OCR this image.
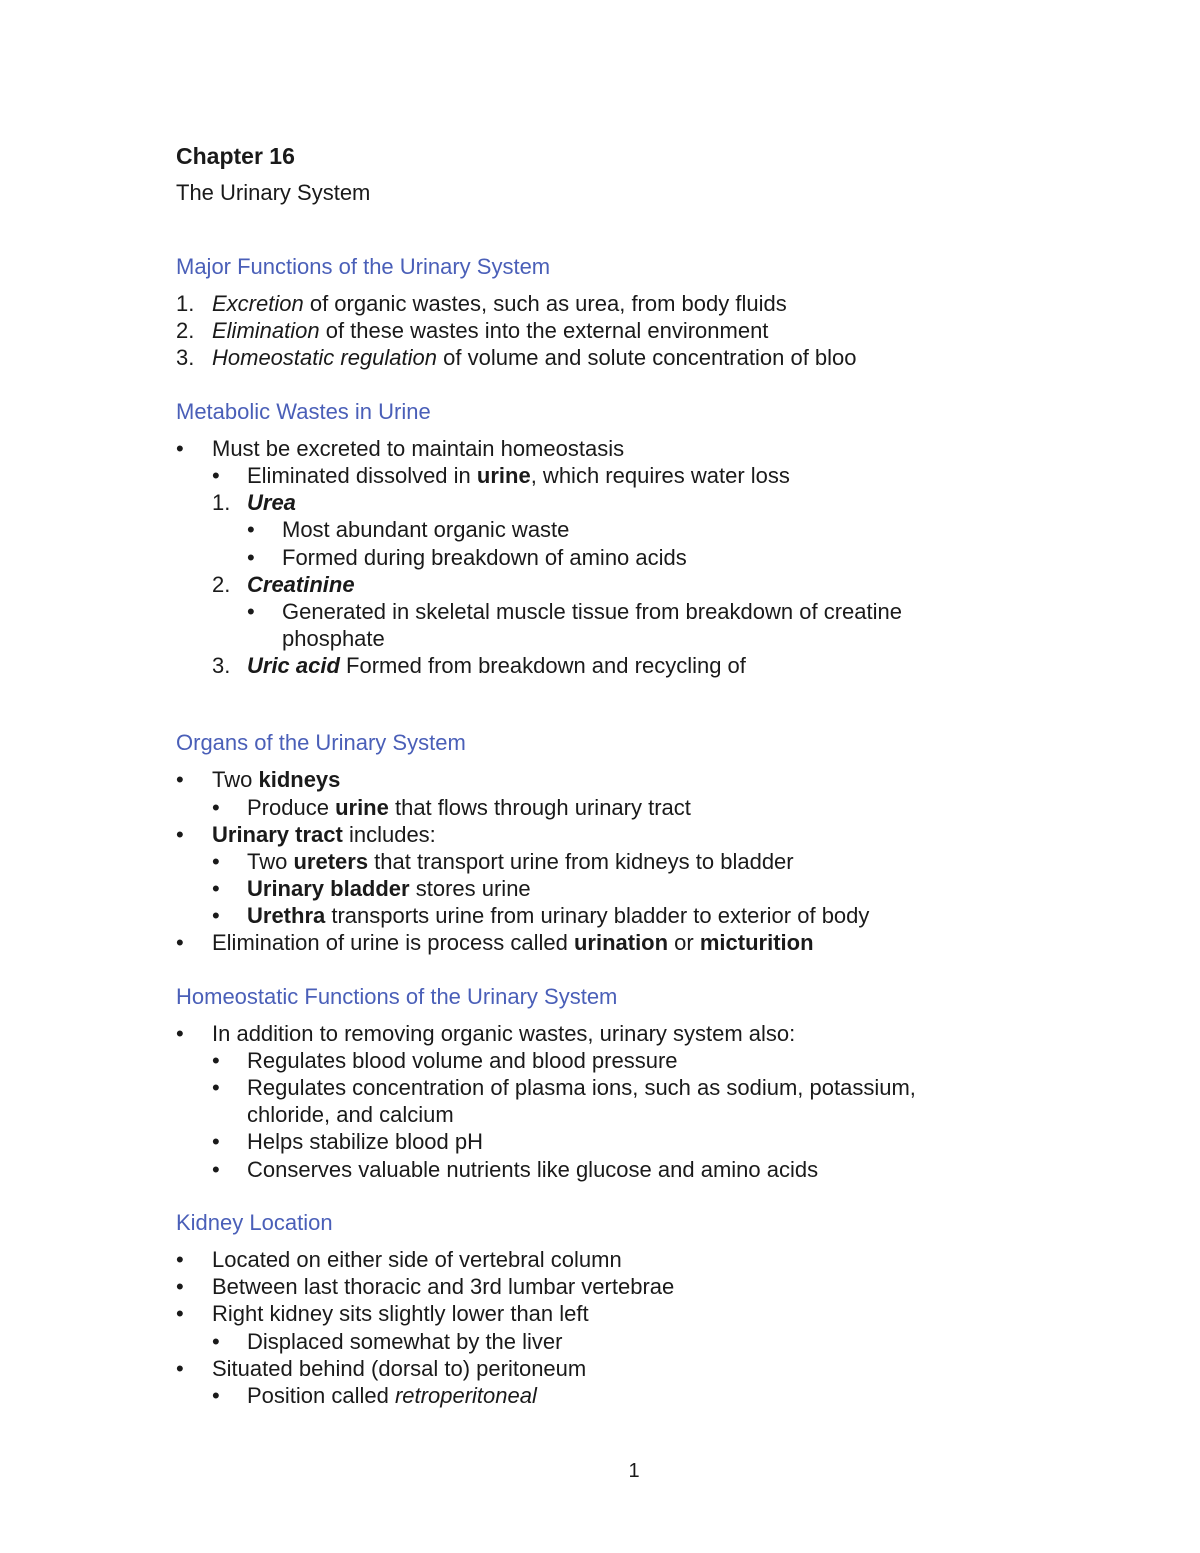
Chapter 16
The Urinary System
Major Functions of the Urinary System
1. Excretion of organic wastes, such as urea, from body fluids
2. Elimination of these wastes into the external environment
3. Homeostatic regulation of volume and solute concentration of bloo
Metabolic Wastes in Urine
• Must be excreted to maintain homeostasis
• Eliminated dissolved in urine, which requires water loss
1. Urea
• Most abundant organic waste
• Formed during breakdown of amino acids
2. Creatinine
• Generated in skeletal muscle tissue from breakdown of creatine
phosphate
3. Uric acid Formed from breakdown and recycling of
Organs of the Urinary System
• Two kidneys
• Produce urine that flows through urinary tract
• Urinary tract includes:
• Two ureters that transport urine from kidneys to bladder
• Urinary bladder stores urine
• Urethra transports urine from urinary bladder to exterior of body
• Elimination of urine is process called urination or micturition
Homeostatic Functions of the Urinary System
• In addition to removing organic wastes, urinary system also:
• Regulates blood volume and blood pressure
• Regulates concentration of plasma ions, such as sodium, potassium,
chloride, and calcium
• Helps stabilize blood pH
• Conserves valuable nutrients like glucose and amino acids
Kidney Location
• Located on either side of vertebral column
• Between last thoracic and 3rd lumbar vertebrae
• Right kidney sits slightly lower than left
• Displaced somewhat by the liver
• Situated behind (dorsal to) peritoneum
• Position called retroperitoneal
1
